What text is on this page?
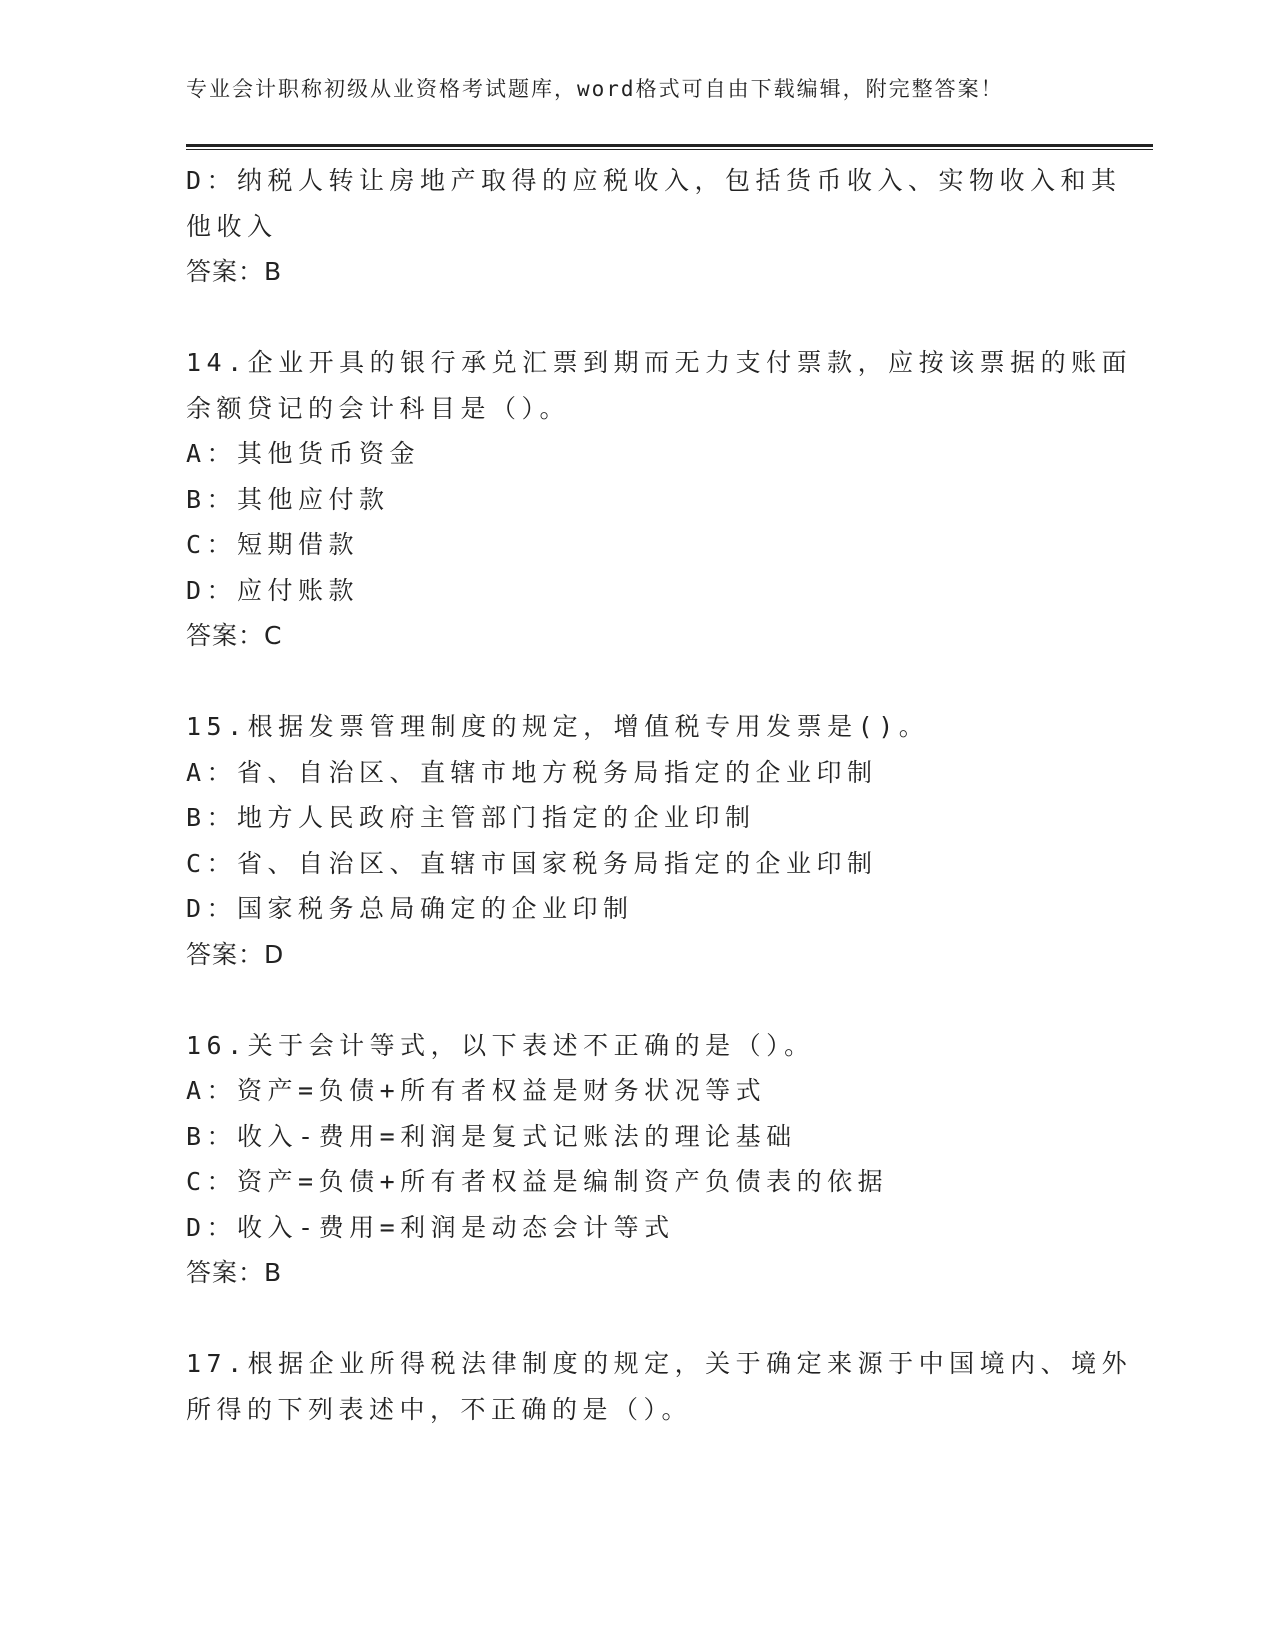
专业会计职称初级从业资格考试题库，word格式可自由下载编辑，附完整答案！
D：纳税人转让房地产取得的应税收入，包括货币收入、实物收入和其
他收入
答案：B
14.企业开具的银行承兑汇票到期而无力支付票款，应按该票据的账面
余额贷记的会计科目是（）。
A：其他货币资金
B：其他应付款
C：短期借款
D：应付账款
答案：C
15.根据发票管理制度的规定，增值税专用发票是()。
A：省、自治区、直辖市地方税务局指定的企业印制
B：地方人民政府主管部门指定的企业印制
C：省、自治区、直辖市国家税务局指定的企业印制
D：国家税务总局确定的企业印制
答案：D
16.关于会计等式，以下表述不正确的是（）。
A：资产=负债+所有者权益是财务状况等式
B：收入-费用=利润是复式记账法的理论基础
C：资产=负债+所有者权益是编制资产负债表的依据
D：收入-费用=利润是动态会计等式
答案：B
17.根据企业所得税法律制度的规定，关于确定来源于中国境内、境外
所得的下列表述中，不正确的是（）。
